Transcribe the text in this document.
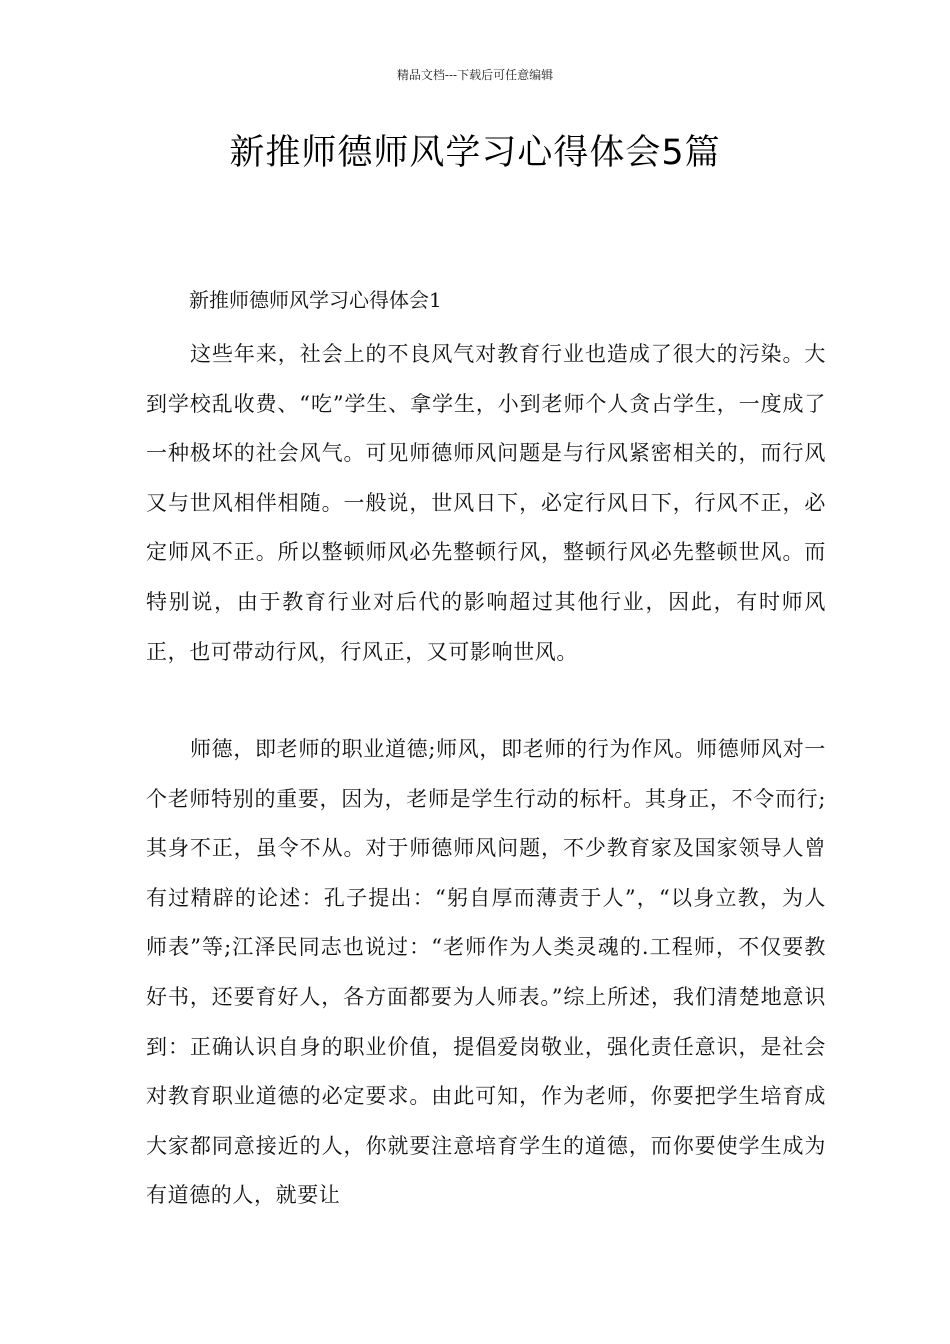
精品文档---下载后可任意编辑
新推师德师风学习心得体会5篇
新推师德师风学习心得体会1

这些年来，社会上的不良风气对教育行业也造成了很大的污染。大到学校乱收费、“吃”学生、拿学生，小到老师个人贪占学生，一度成了一种极坏的社会风气。可见师德师风问题是与行风紧密相关的，而行风又与世风相伴相随。一般说，世风日下，必定行风日下，行风不正，必定师风不正。所以整顿师风必先整顿行风，整顿行风必先整顿世风。而特别说，由于教育行业对后代的影响超过其他行业，因此，有时师风正，也可带动行风，行风正，又可影响世风。

师德，即老师的职业道德;师风，即老师的行为作风。师德师风对一个老师特别的重要，因为，老师是学生行动的标杆。其身正，不令而行;其身不正，虽令不从。对于师德师风问题，不少教育家及国家领导人曾有过精辟的论述：孔子提出：“躬自厚而薄责于人”，“以身立教，为人师表”等;江泽民同志也说过：“老师作为人类灵魂的.工程师，不仅要教好书，还要育好人，各方面都要为人师表。”综上所述，我们清楚地意识到：正确认识自身的职业价值，提倡爱岗敬业，强化责任意识，是社会对教育职业道德的必定要求。由此可知，作为老师，你要把学生培育成大家都同意接近的人，你就要注意培育学生的道德，而你要使学生成为有道德的人，就要让
